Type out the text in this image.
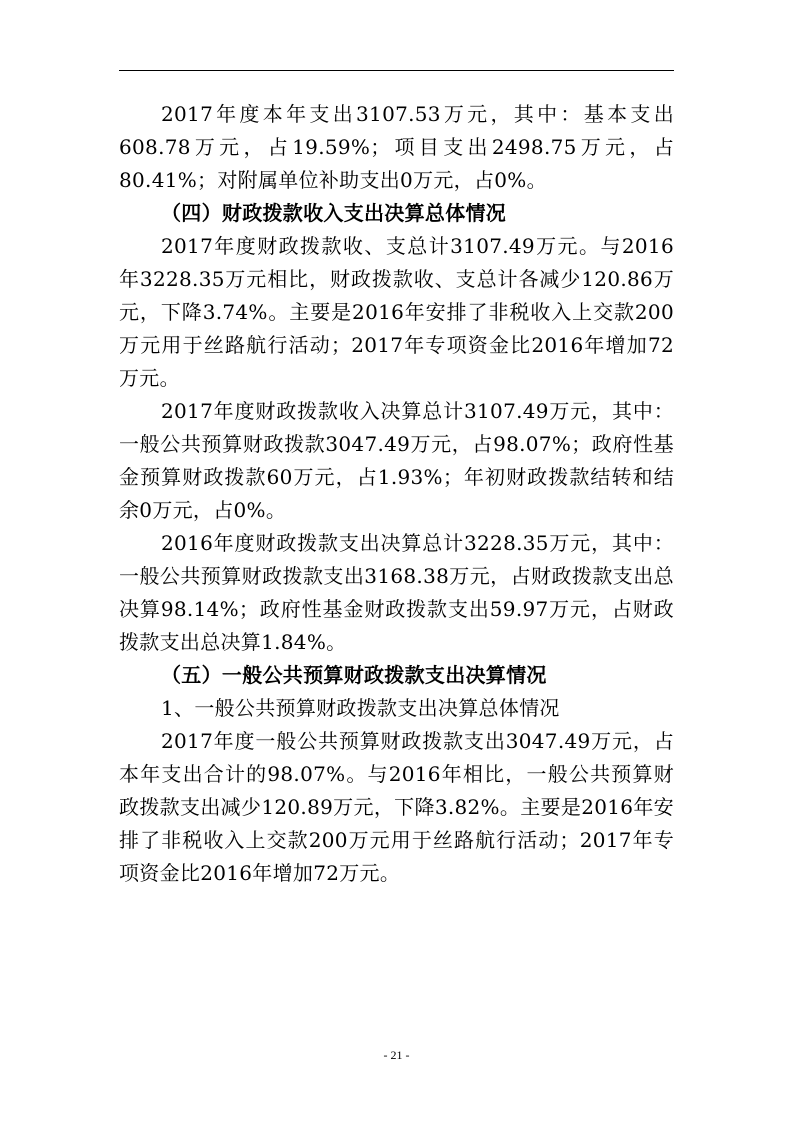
2017年度本年支出3107.53万元，其中：基本支出608.78万元，占19.59%；项目支出2498.75万元，占80.41%；对附属单位补助支出0万元，占0%。

（四）财政拨款收入支出决算总体情况

2017年度财政拨款收、支总计3107.49万元。与2016年3228.35万元相比，财政拨款收、支总计各减少120.86万元，下降3.74%。主要是2016年安排了非税收入上交款200万元用于丝路航行活动；2017年专项资金比2016年增加72万元。

2017年度财政拨款收入决算总计3107.49万元，其中：一般公共预算财政拨款3047.49万元，占98.07%；政府性基金预算财政拨款60万元，占1.93%；年初财政拨款结转和结余0万元，占0%。

2016年度财政拨款支出决算总计3228.35万元，其中：一般公共预算财政拨款支出3168.38万元，占财政拨款支出总决算98.14%；政府性基金财政拨款支出59.97万元，占财政拨款支出总决算1.84%。

（五）一般公共预算财政拨款支出决算情况

1、一般公共预算财政拨款支出决算总体情况

2017年度一般公共预算财政拨款支出3047.49万元，占本年支出合计的98.07%。与2016年相比，一般公共预算财政拨款支出减少120.89万元，下降3.82%。主要是2016年安排了非税收入上交款200万元用于丝路航行活动；2017年专项资金比2016年增加72万元。

- 21 -
